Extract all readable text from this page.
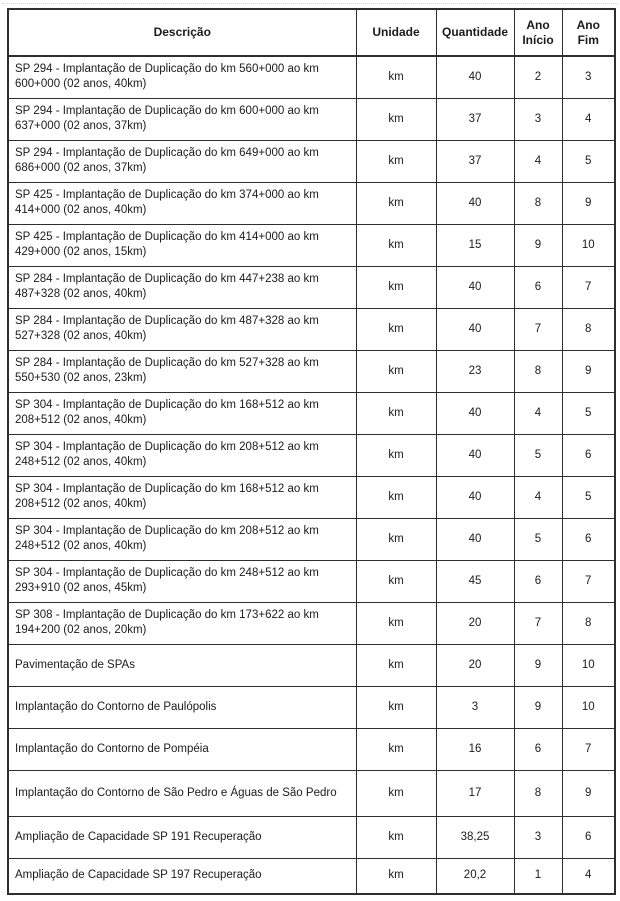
Descrição	Unidade	Quantidade	Ano Início	Ano Fim
SP 294 - Implantação de Duplicação do km 560+000 ao km 600+000 (02 anos, 40km)	km	40	2	3
SP 294 - Implantação de Duplicação do km 600+000 ao km 637+000 (02 anos, 37km)	km	37	3	4
SP 294 - Implantação de Duplicação do km 649+000 ao km 686+000 (02 anos, 37km)	km	37	4	5
SP 425 - Implantação de Duplicação do km 374+000 ao km 414+000 (02 anos, 40km)	km	40	8	9
SP 425 - Implantação de Duplicação do km 414+000 ao km 429+000 (02 anos, 15km)	km	15	9	10
SP 284 - Implantação de Duplicação do km 447+238 ao km 487+328 (02 anos, 40km)	km	40	6	7
SP 284 - Implantação de Duplicação do km 487+328 ao km 527+328 (02 anos, 40km)	km	40	7	8
SP 284 - Implantação de Duplicação do km 527+328 ao km 550+530 (02 anos, 23km)	km	23	8	9
SP 304 - Implantação de Duplicação do km 168+512 ao km 208+512 (02 anos, 40km)	km	40	4	5
SP 304 - Implantação de Duplicação do km 208+512 ao km 248+512 (02 anos, 40km)	km	40	5	6
SP 304 - Implantação de Duplicação do km 168+512 ao km 208+512 (02 anos, 40km)	km	40	4	5
SP 304 - Implantação de Duplicação do km 208+512 ao km 248+512 (02 anos, 40km)	km	40	5	6
SP 304 - Implantação de Duplicação do km 248+512 ao km 293+910 (02 anos, 45km)	km	45	6	7
SP 308 - Implantação de Duplicação do km 173+622 ao km 194+200 (02 anos, 20km)	km	20	7	8
Pavimentação de SPAs	km	20	9	10
Implantação do Contorno de Paulópolis	km	3	9	10
Implantação do Contorno de Pompéia	km	16	6	7
Implantação do Contorno de São Pedro e Águas de São Pedro	km	17	8	9
Ampliação de Capacidade SP 191 Recuperação	km	38,25	3	6
Ampliação de Capacidade SP 197 Recuperação	km	20,2	1	4
